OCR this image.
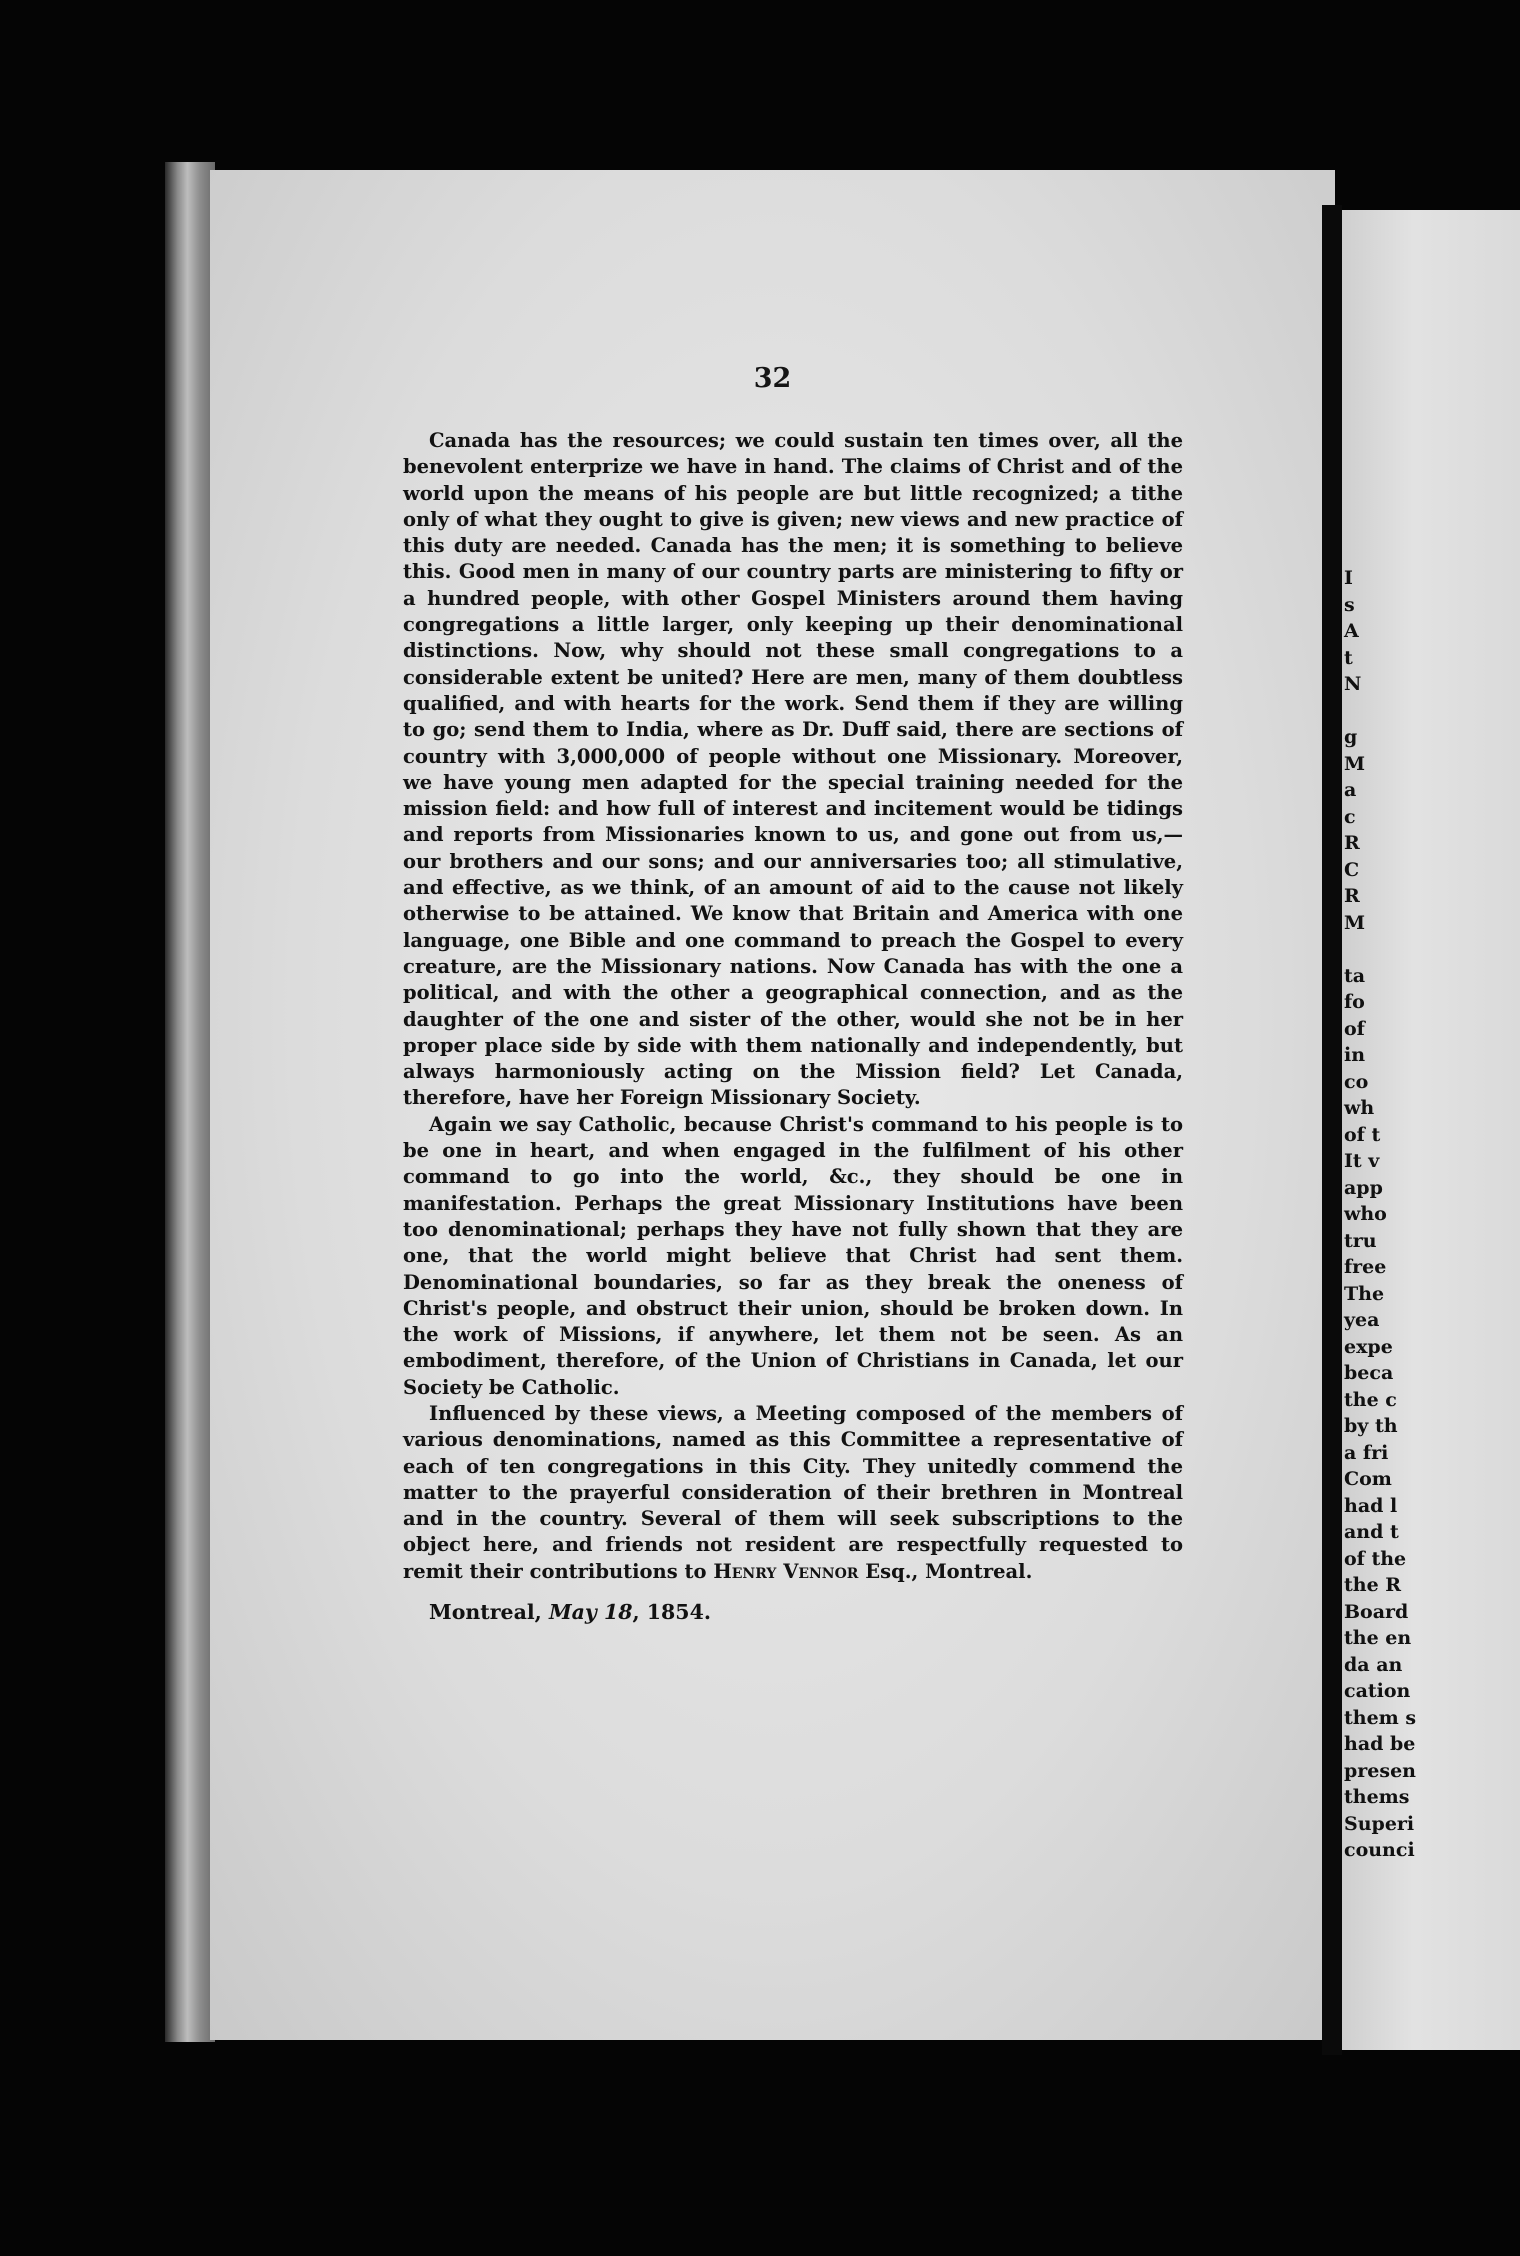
32

Canada has the resources; we could sustain ten times over, all the benevolent enterprize we have in hand. The claims of Christ and of the world upon the means of his people are but little recognized; a tithe only of what they ought to give is given; new views and new practice of this duty are needed. Canada has the men; it is something to believe this. Good men in many of our country parts are ministering to fifty or a hundred people, with other Gospel Ministers around them having congregations a little larger, only keeping up their denominational distinctions. Now, why should not these small congregations to a considerable extent be united? Here are men, many of them doubtless qualified, and with hearts for the work. Send them if they are willing to go; send them to India, where as Dr. Duff said, there are sections of country with 3,000,000 of people without one Missionary. Moreover, we have young men adapted for the special training needed for the mission field: and how full of interest and incitement would be tidings and reports from Missionaries known to us, and gone out from us,—our brothers and our sons; and our anniversaries too; all stimulative, and effective, as we think, of an amount of aid to the cause not likely otherwise to be attained. We know that Britain and America with one language, one Bible and one command to preach the Gospel to every creature, are the Missionary nations. Now Canada has with the one a political, and with the other a geographical connection, and as the daughter of the one and sister of the other, would she not be in her proper place side by side with them nationally and independently, but always harmoniously acting on the Mission field? Let Canada, therefore, have her Foreign Missionary Society.

Again we say Catholic, because Christ's command to his people is to be one in heart, and when engaged in the fulfilment of his other command to go into the world, &c., they should be one in manifestation. Perhaps the great Missionary Institutions have been too denominational; perhaps they have not fully shown that they are one, that the world might believe that Christ had sent them. Denominational boundaries, so far as they break the oneness of Christ's people, and obstruct their union, should be broken down. In the work of Missions, if anywhere, let them not be seen. As an embodiment, therefore, of the Union of Christians in Canada, let our Society be Catholic.

Influenced by these views, a Meeting composed of the members of various denominations, named as this Committee a representative of each of ten congregations in this City. They unitedly commend the matter to the prayerful consideration of their brethren in Montreal and in the country. Several of them will seek subscriptions to the object here, and friends not resident are respectfully requested to remit their contributions to Henry Vennor Esq., Montreal.

Montreal, May 18, 1854.
I
s
A
t
N

g
M
a
c
R
C
R
M

ta
fo
of
in
co
wh
of t
It v
app
who
tru
free
The
yea
expe
beca
the c
by th
a fri
Com
had l
and t
of the
the R
Board
the en
da an
cation
them s
had be
presen
thems
Superi
counci
